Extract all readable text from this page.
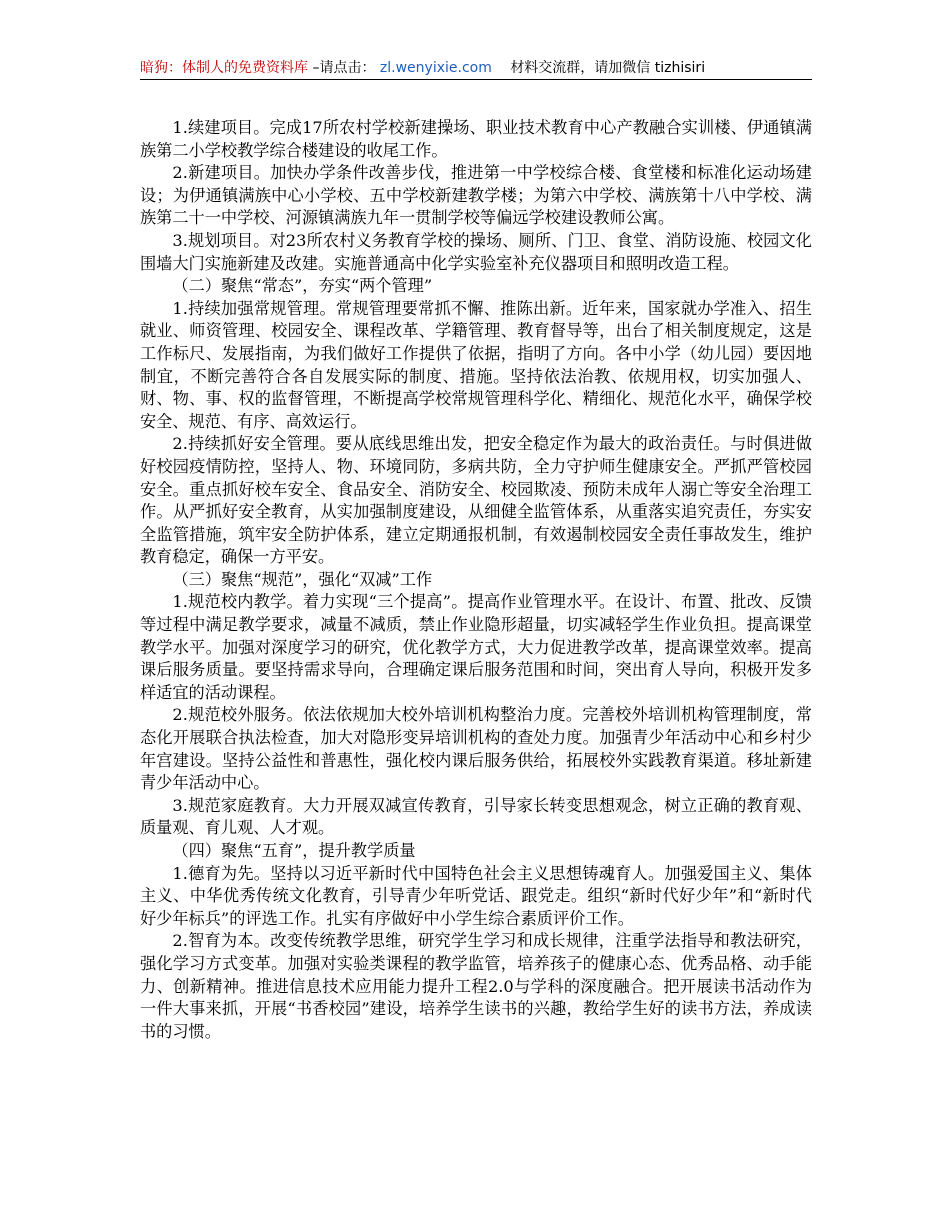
暗狗：体制人的免费资料库 –请点击： zl.wenyixie.com 材料交流群，请加微信 tizhisiri

1.续建项目。完成17所农村学校新建操场、职业技术教育中心产教融合实训楼、伊通镇满族第二小学校教学综合楼建设的收尾工作。

2.新建项目。加快办学条件改善步伐，推进第一中学校综合楼、食堂楼和标准化运动场建设；为伊通镇满族中心小学校、五中学校新建教学楼；为第六中学校、满族第十八中学校、满族第二十一中学校、河源镇满族九年一贯制学校等偏远学校建设教师公寓。

3.规划项目。对23所农村义务教育学校的操场、厕所、门卫、食堂、消防设施、校园文化围墙大门实施新建及改建。实施普通高中化学实验室补充仪器项目和照明改造工程。

（二）聚焦“常态”，夯实“两个管理”

1.持续加强常规管理。常规管理要常抓不懈、推陈出新。近年来，国家就办学准入、招生就业、师资管理、校园安全、课程改革、学籍管理、教育督导等，出台了相关制度规定，这是工作标尺、发展指南，为我们做好工作提供了依据，指明了方向。各中小学（幼儿园）要因地制宜，不断完善符合各自发展实际的制度、措施。坚持依法治教、依规用权，切实加强人、财、物、事、权的监督管理，不断提高学校常规管理科学化、精细化、规范化水平，确保学校安全、规范、有序、高效运行。

2.持续抓好安全管理。要从底线思维出发，把安全稳定作为最大的政治责任。与时俱进做好校园疫情防控，坚持人、物、环境同防，多病共防，全力守护师生健康安全。严抓严管校园安全。重点抓好校车安全、食品安全、消防安全、校园欺凌、预防未成年人溺亡等安全治理工作。从严抓好安全教育，从实加强制度建设，从细健全监管体系，从重落实追究责任，夯实安全监管措施，筑牢安全防护体系，建立定期通报机制，有效遏制校园安全责任事故发生，维护教育稳定，确保一方平安。

（三）聚焦“规范”，强化“双减”工作

1.规范校内教学。着力实现“三个提高”。提高作业管理水平。在设计、布置、批改、反馈等过程中满足教学要求，减量不减质，禁止作业隐形超量，切实减轻学生作业负担。提高课堂教学水平。加强对深度学习的研究，优化教学方式，大力促进教学改革，提高课堂效率。提高课后服务质量。要坚持需求导向，合理确定课后服务范围和时间，突出育人导向，积极开发多样适宜的活动课程。

2.规范校外服务。依法依规加大校外培训机构整治力度。完善校外培训机构管理制度，常态化开展联合执法检查，加大对隐形变异培训机构的查处力度。加强青少年活动中心和乡村少年宫建设。坚持公益性和普惠性，强化校内课后服务供给，拓展校外实践教育渠道。移址新建青少年活动中心。

3.规范家庭教育。大力开展双减宣传教育，引导家长转变思想观念，树立正确的教育观、质量观、育儿观、人才观。

（四）聚焦“五育”，提升教学质量

1.德育为先。坚持以习近平新时代中国特色社会主义思想铸魂育人。加强爱国主义、集体主义、中华优秀传统文化教育，引导青少年听党话、跟党走。组织“新时代好少年”和“新时代好少年标兵”的评选工作。扎实有序做好中小学生综合素质评价工作。

2.智育为本。改变传统教学思维，研究学生学习和成长规律，注重学法指导和教法研究，强化学习方式变革。加强对实验类课程的教学监管，培养孩子的健康心态、优秀品格、动手能力、创新精神。推进信息技术应用能力提升工程2.0与学科的深度融合。把开展读书活动作为一件大事来抓，开展“书香校园”建设，培养学生读书的兴趣，教给学生好的读书方法，养成读书的习惯。
